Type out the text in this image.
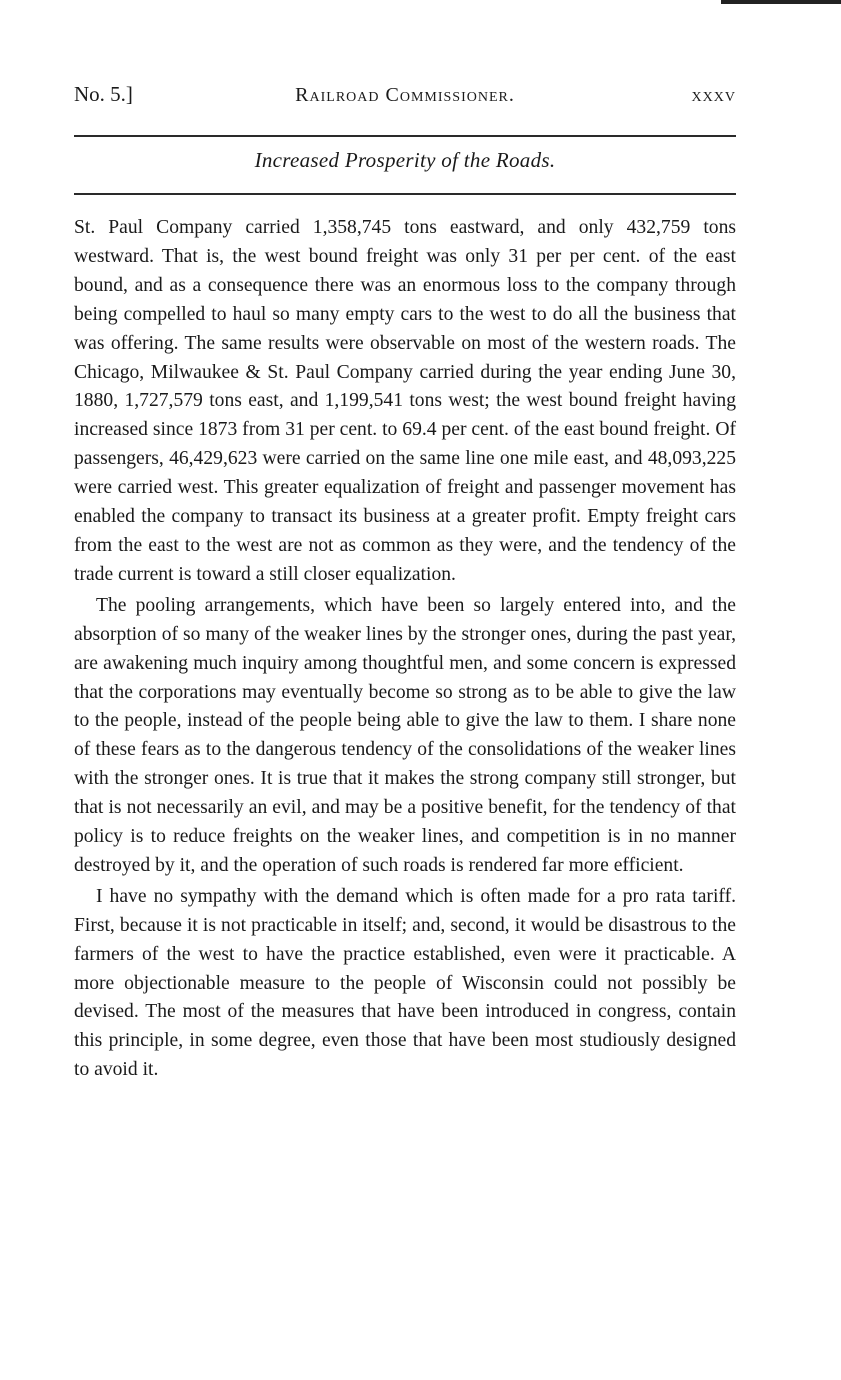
No. 5.]	Railroad Commissioner.	xxxv
Increased Prosperity of the Roads.

St. Paul Company carried 1,358,745 tons eastward, and only 432,759 tons westward. That is, the west bound freight was only 31 per per cent. of the east bound, and as a consequence there was an enormous loss to the company through being compelled to haul so many empty cars to the west to do all the business that was offering. The same results were observable on most of the western roads. The Chicago, Milwaukee & St. Paul Company carried during the year ending June 30, 1880, 1,727,579 tons east, and 1,199,541 tons west; the west bound freight having increased since 1873 from 31 per cent. to 69.4 per cent. of the east bound freight. Of passengers, 46,429,623 were carried on the same line one mile east, and 48,093,225 were carried west. This greater equalization of freight and passenger movement has enabled the company to transact its business at a greater profit. Empty freight cars from the east to the west are not as common as they were, and the tendency of the trade current is toward a still closer equalization.

The pooling arrangements, which have been so largely entered into, and the absorption of so many of the weaker lines by the stronger ones, during the past year, are awakening much inquiry among thoughtful men, and some concern is expressed that the corporations may eventually become so strong as to be able to give the law to the people, instead of the people being able to give the law to them. I share none of these fears as to the dangerous tendency of the consolidations of the weaker lines with the stronger ones. It is true that it makes the strong company still stronger, but that is not necessarily an evil, and may be a positive benefit, for the tendency of that policy is to reduce freights on the weaker lines, and competition is in no manner destroyed by it, and the operation of such roads is rendered far more efficient.

I have no sympathy with the demand which is often made for a pro rata tariff. First, because it is not practicable in itself; and, second, it would be disastrous to the farmers of the west to have the practice established, even were it practicable. A more objectionable measure to the people of Wisconsin could not possibly be devised. The most of the measures that have been introduced in congress, contain this principle, in some degree, even those that have been most studiously designed to avoid it.
